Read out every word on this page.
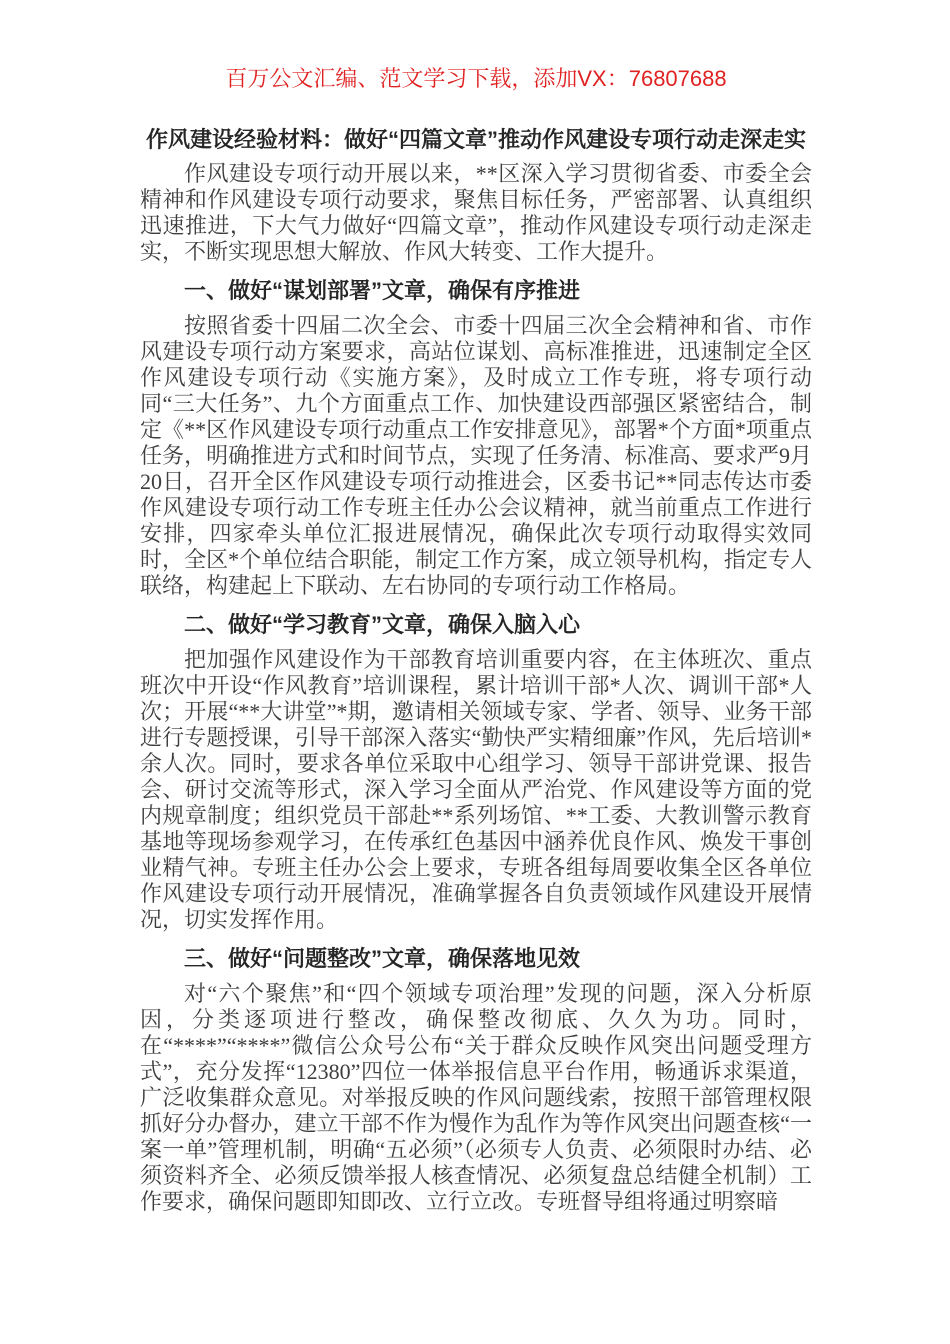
百万公文汇编、范文学习下载，添加VX：76807688
作风建设经验材料：做好“四篇文章”推动作风建设专项行动走深走实

作风建设专项行动开展以来，**区深入学习贯彻省委、市委全会精神和作风建设专项行动要求，聚焦目标任务，严密部署、认真组织迅速推进，下大气力做好“四篇文章”，推动作风建设专项行动走深走实，不断实现思想大解放、作风大转变、工作大提升。

一、做好“谋划部署”文章，确保有序推进

按照省委十四届二次全会、市委十四届三次全会精神和省、市作风建设专项行动方案要求，高站位谋划、高标准推进，迅速制定全区作风建设专项行动《实施方案》，及时成立工作专班，将专项行动同“三大任务”、九个方面重点工作、加快建设西部强区紧密结合，制定《**区作风建设专项行动重点工作安排意见》，部署*个方面*项重点任务，明确推进方式和时间节点，实现了任务清、标准高、要求严9月20日，召开全区作风建设专项行动推进会，区委书记**同志传达市委作风建设专项行动工作专班主任办公会议精神，就当前重点工作进行安排，四家牵头单位汇报进展情况，确保此次专项行动取得实效同时，全区*个单位结合职能，制定工作方案，成立领导机构，指定专人联络，构建起上下联动、左右协同的专项行动工作格局。

二、做好“学习教育”文章，确保入脑入心

把加强作风建设作为干部教育培训重要内容，在主体班次、重点班次中开设“作风教育”培训课程，累计培训干部*人次、调训干部*人次；开展“**大讲堂”*期，邀请相关领域专家、学者、领导、业务干部进行专题授课，引导干部深入落实“勤快严实精细廉”作风，先后培训*余人次。同时，要求各单位采取中心组学习、领导干部讲党课、报告会、研讨交流等形式，深入学习全面从严治党、作风建设等方面的党内规章制度；组织党员干部赴**系列场馆、**工委、大教训警示教育基地等现场参观学习，在传承红色基因中涵养优良作风、焕发干事创业精气神。专班主任办公会上要求，专班各组每周要收集全区各单位作风建设专项行动开展情况，准确掌握各自负责领域作风建设开展情况，切实发挥作用。

三、做好“问题整改”文章，确保落地见效

对“六个聚焦”和“四个领域专项治理”发现的问题，深入分析原因，分类逐项进行整改，确保整改彻底、久久为功。同时，在“****”“****”微信公众号公布“关于群众反映作风突出问题受理方式”，充分发挥“12380”四位一体举报信息平台作用，畅通诉求渠道，广泛收集群众意见。对举报反映的作风问题线索，按照干部管理权限抓好分办督办，建立干部不作为慢作为乱作为等作风突出问题查核“一案一单”管理机制，明确“五必须”（必须专人负责、必须限时办结、必须资料齐全、必须反馈举报人核查情况、必须复盘总结健全机制）工作要求，确保问题即知即改、立行立改。专班督导组将通过明察暗
